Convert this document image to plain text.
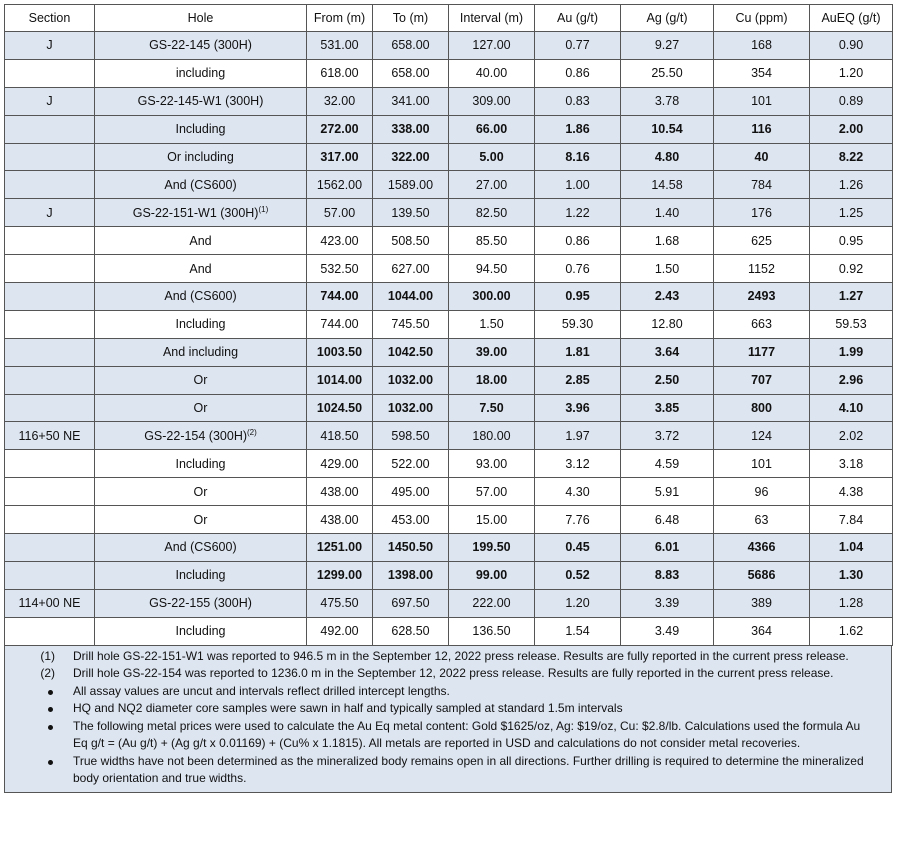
Section	Hole	From (m)	To (m)	Interval (m)	Au (g/t)	Ag (g/t)	Cu (ppm)	AuEQ (g/t)
J	GS-22-145 (300H)	531.00	658.00	127.00	0.77	9.27	168	0.90
	including	618.00	658.00	40.00	0.86	25.50	354	1.20
J	GS-22-145-W1 (300H)	32.00	341.00	309.00	0.83	3.78	101	0.89
	Including	272.00	338.00	66.00	1.86	10.54	116	2.00
	Or including	317.00	322.00	5.00	8.16	4.80	40	8.22
	And (CS600)	1562.00	1589.00	27.00	1.00	14.58	784	1.26
J	GS-22-151-W1 (300H)$^{(1)}$	57.00	139.50	82.50	1.22	1.40	176	1.25
	And	423.00	508.50	85.50	0.86	1.68	625	0.95
	And	532.50	627.00	94.50	0.76	1.50	1152	0.92
	And (CS600)	744.00	1044.00	300.00	0.95	2.43	2493	1.27
	Including	744.00	745.50	1.50	59.30	12.80	663	59.53
	And including	1003.50	1042.50	39.00	1.81	3.64	1177	1.99
	Or	1014.00	1032.00	18.00	2.85	2.50	707	2.96
	Or	1024.50	1032.00	7.50	3.96	3.85	800	4.10
116+50 NE	GS-22-154 (300H)$^{(2)}$	418.50	598.50	180.00	1.97	3.72	124	2.02
	Including	429.00	522.00	93.00	3.12	4.59	101	3.18
	Or	438.00	495.00	57.00	4.30	5.91	96	4.38
	Or	438.00	453.00	15.00	7.76	6.48	63	7.84
	And (CS600)	1251.00	1450.50	199.50	0.45	6.01	4366	1.04
	Including	1299.00	1398.00	99.00	0.52	8.83	5686	1.30
114+00 NE	GS-22-155 (300H)	475.50	697.50	222.00	1.20	3.39	389	1.28
	Including	492.00	628.50	136.50	1.54	3.49	364	1.62
(1)	Drill hole GS-22-151-W1 was reported to 946.5 m in the September 12, 2022 press release. Results are fully reported in the current press release.
(2)	Drill hole GS-22-154 was reported to 1236.0 m in the September 12, 2022 press release. Results are fully reported in the current press release.
All assay values are uncut and intervals reflect drilled intercept lengths.
HQ and NQ2 diameter core samples were sawn in half and typically sampled at standard 1.5m intervals
The following metal prices were used to calculate the Au Eq metal content: Gold $1625/oz, Ag: $19/oz, Cu: $2.8/lb. Calculations used the formula Au Eq g/t = (Au g/t) + (Ag g/t x 0.01169) + (Cu% x 1.1815). All metals are reported in USD and calculations do not consider metal recoveries.
True widths have not been determined as the mineralized body remains open in all directions. Further drilling is required to determine the mineralized body orientation and true widths.
